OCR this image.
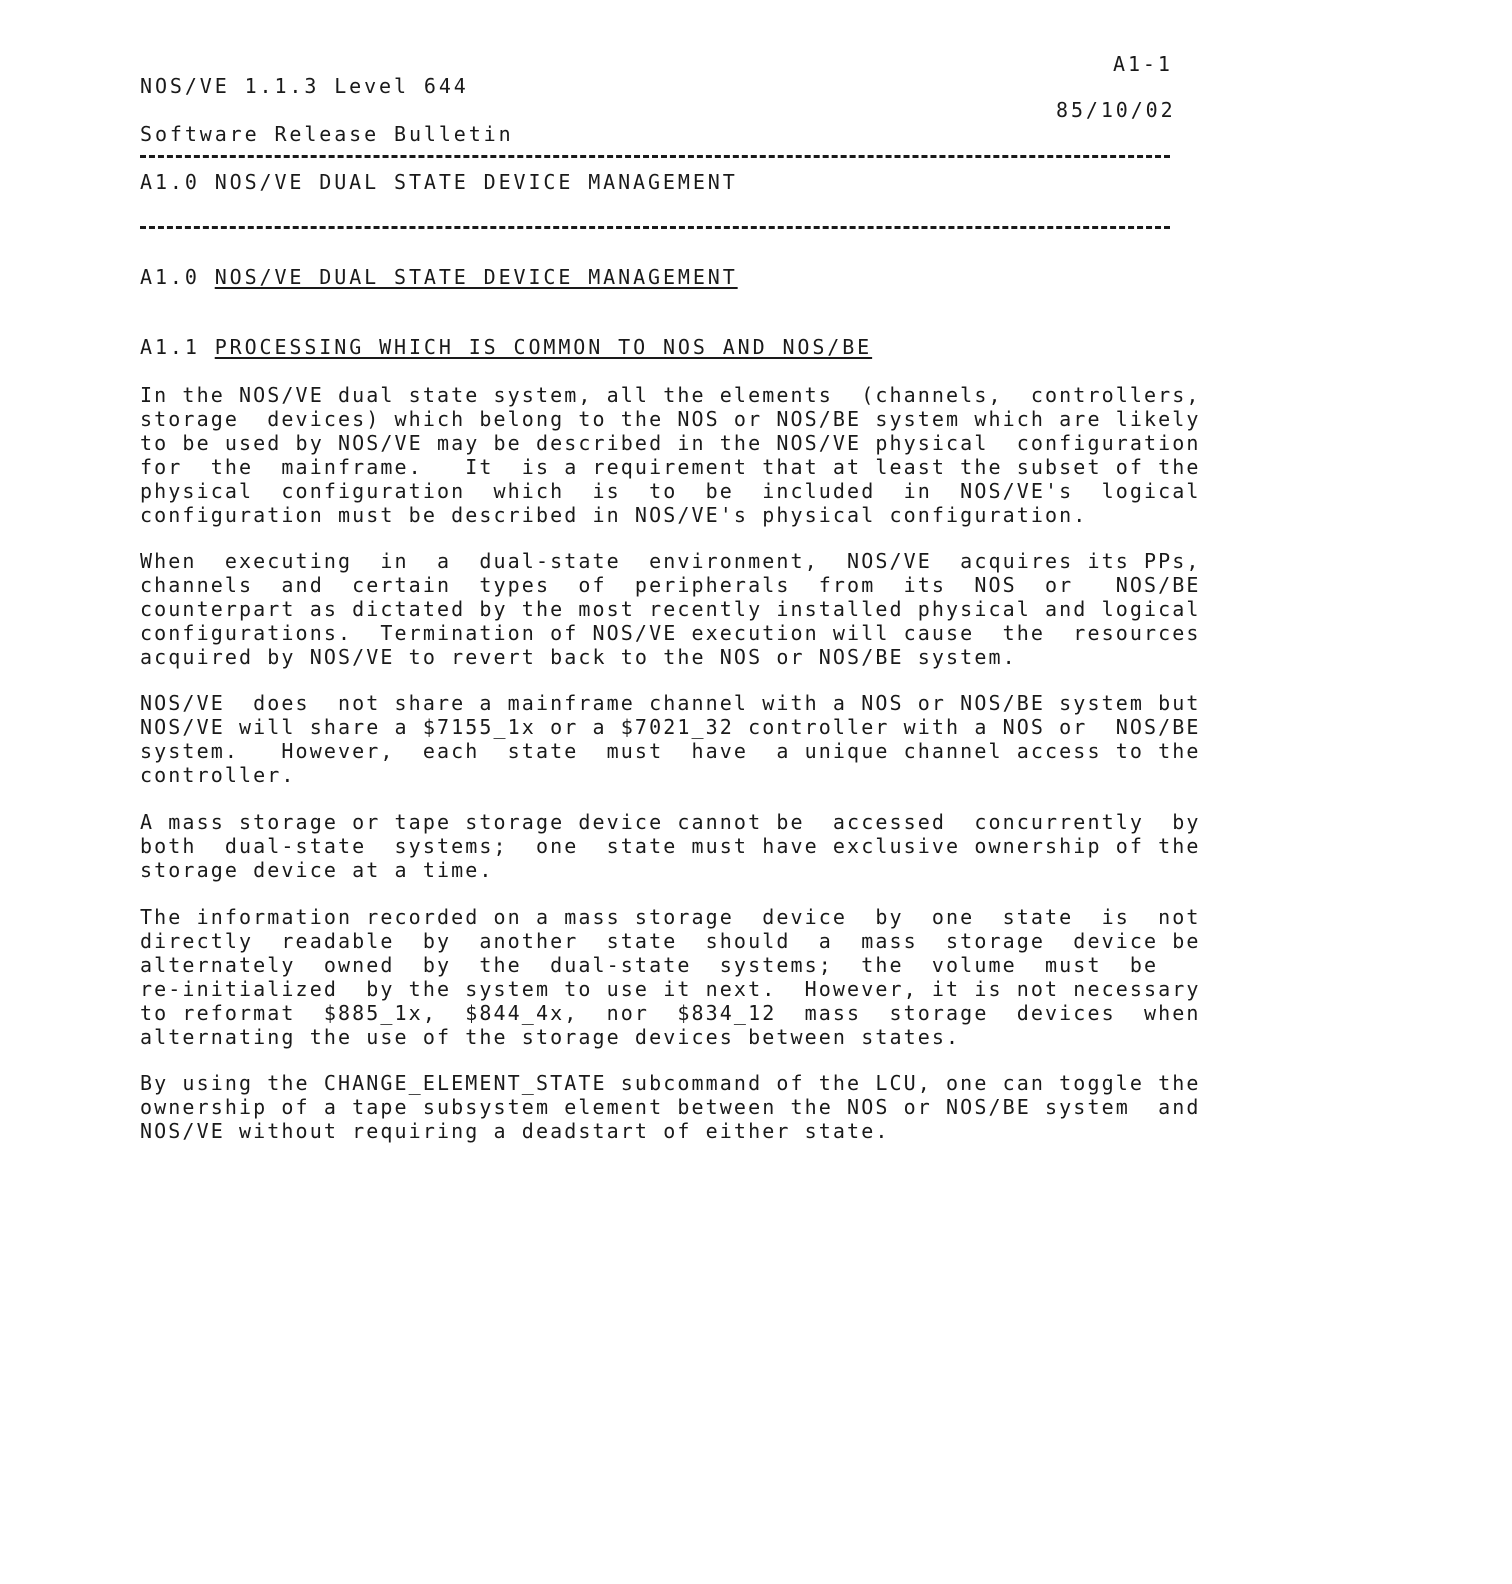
A1-1
NOS/VE 1.1.3 Level 644
85/10/02
Software Release Bulletin
A1.0 NOS/VE DUAL STATE DEVICE MANAGEMENT
A1.0 NOS/VE_DUAL_STATE_DEVICE_MANAGEMENT
A1.1 PROCESSING_WHICH_IS_COMMON_TO_NOS_AND_NOS/BE
In the NOS/VE dual state system, all the elements  (channels,  controllers,
storage  devices) which belong to the NOS or NOS/BE system which are likely
to be used by NOS/VE may be described in the NOS/VE physical  configuration
for  the  mainframe.   It  is a requirement that at least the subset of the
physical  configuration  which  is  to  be  included  in  NOS/VE's  logical
configuration must be described in NOS/VE's physical configuration.
When  executing  in  a  dual-state  environment,  NOS/VE  acquires its PPs,
channels  and  certain  types  of  peripherals  from  its  NOS  or   NOS/BE
counterpart as dictated by the most recently installed physical and logical
configurations.  Termination of NOS/VE execution will cause  the  resources
acquired by NOS/VE to revert back to the NOS or NOS/BE system.
NOS/VE  does  not share a mainframe channel with a NOS or NOS/BE system but
NOS/VE will share a $7155_1x or a $7021_32 controller with a NOS or  NOS/BE
system.   However,  each  state  must  have  a unique channel access to the
controller.
A mass storage or tape storage device cannot be  accessed  concurrently  by
both  dual-state  systems;  one  state must have exclusive ownership of the
storage device at a time.
The information recorded on a mass storage  device  by  one  state  is  not
directly  readable  by  another  state  should  a  mass  storage  device be
alternately  owned  by  the  dual-state  systems;  the  volume  must  be
re-initialized  by the system to use it next.  However, it is not necessary
to reformat  $885_1x,  $844_4x,  nor  $834_12  mass  storage  devices  when
alternating the use of the storage devices between states.
By using the CHANGE_ELEMENT_STATE subcommand of the LCU, one can toggle the
ownership of a tape subsystem element between the NOS or NOS/BE system  and
NOS/VE without requiring a deadstart of either state.
